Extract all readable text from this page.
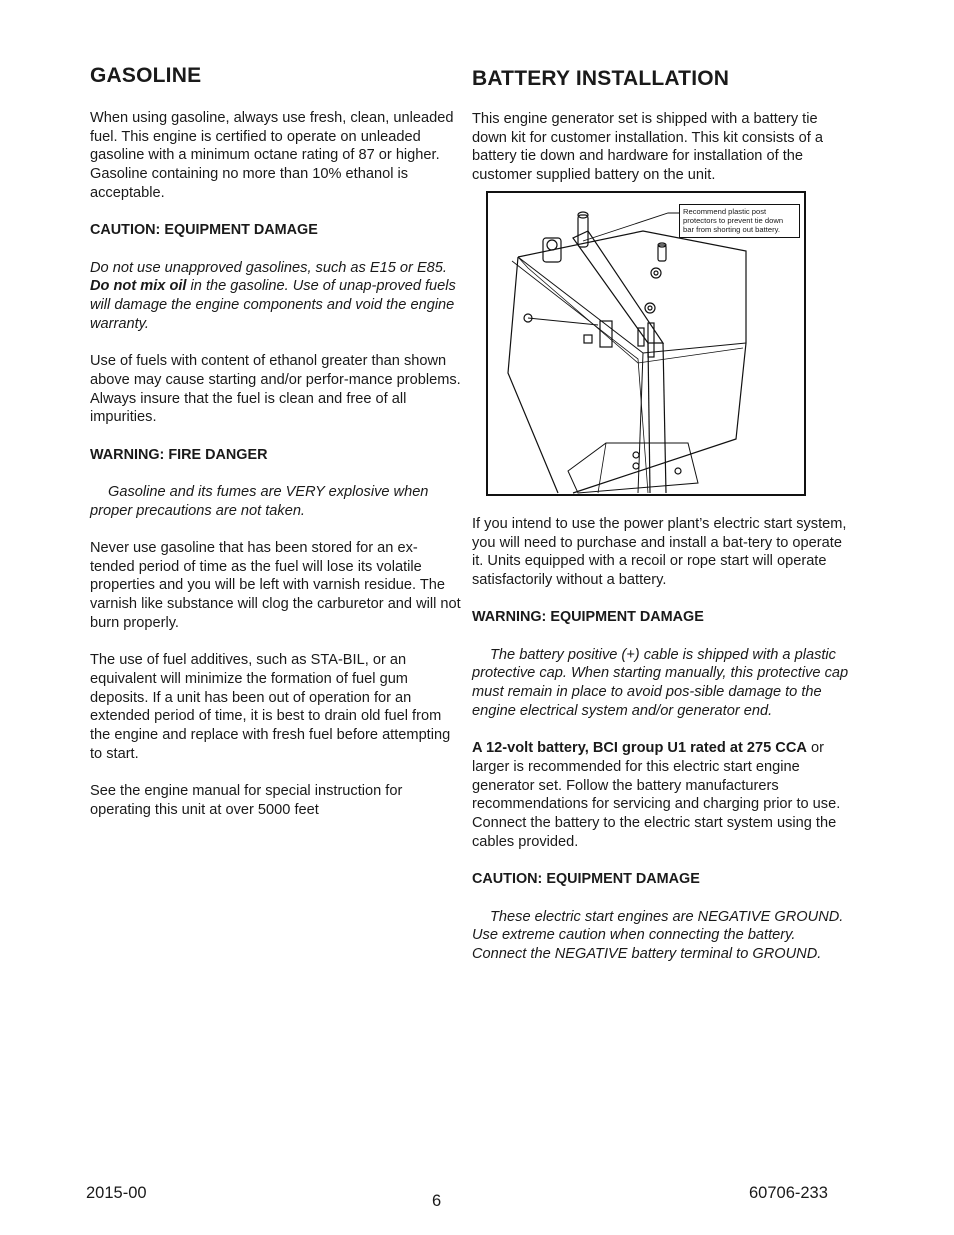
GASOLINE

When using gasoline, always use fresh, clean, unleaded fuel. This engine is certified to operate on unleaded gasoline with a minimum octane rating of 87 or higher. Gasoline containing no more than 10% ethanol is acceptable.

CAUTION: EQUIPMENT DAMAGE

Do not use unapproved gasolines, such as E15 or E85. Do not mix oil in the gasoline. Use of unap-proved fuels will damage the engine components and void the engine warranty.

Use of fuels with content of ethanol greater than shown above may cause starting and/or perfor-mance problems. Always insure that the fuel is clean and free of all impurities.

WARNING: FIRE DANGER

Gasoline and its fumes are VERY explosive when proper precautions are not taken.

Never use gasoline that has been stored for an ex-tended period of time as the fuel will lose its volatile properties and you will be left with varnish residue. The varnish like substance will clog the carburetor and will not burn properly.

The use of fuel additives, such as STA-BIL, or an equivalent will minimize the formation of fuel gum deposits. If a unit has been out of operation for an extended period of time, it is best to drain old fuel from the engine and replace with fresh fuel before attempting to start.

See the engine manual for special instruction for operating this unit at over 5000 feet

BATTERY INSTALLATION

This engine generator set is shipped with a battery tie down kit for customer installation. This kit consists of a battery tie down and hardware for installation of the customer supplied battery on the unit.

Recommend plastic post protectors to prevent tie down bar from shorting out battery.

If you intend to use the power plant’s electric start system, you will need to purchase and install a bat-tery to operate it. Units equipped with a recoil or rope start will operate satisfactorily without a battery.

WARNING: EQUIPMENT DAMAGE

The battery positive (+) cable is shipped with a plastic protective cap. When starting manually, this protective cap must remain in place to avoid pos-sible damage to the engine electrical system and/or generator end.

A 12-volt battery, BCI group U1 rated at 275 CCA or larger is recommended for this electric start engine generator set. Follow the battery manufacturers recommendations for servicing and charging prior to use. Connect the battery to the electric start system using the cables provided.

CAUTION: EQUIPMENT DAMAGE

These electric start engines are NEGATIVE GROUND. Use extreme caution when connecting the battery. Connect the NEGATIVE battery terminal to GROUND.

2015-00	6	60706-233
